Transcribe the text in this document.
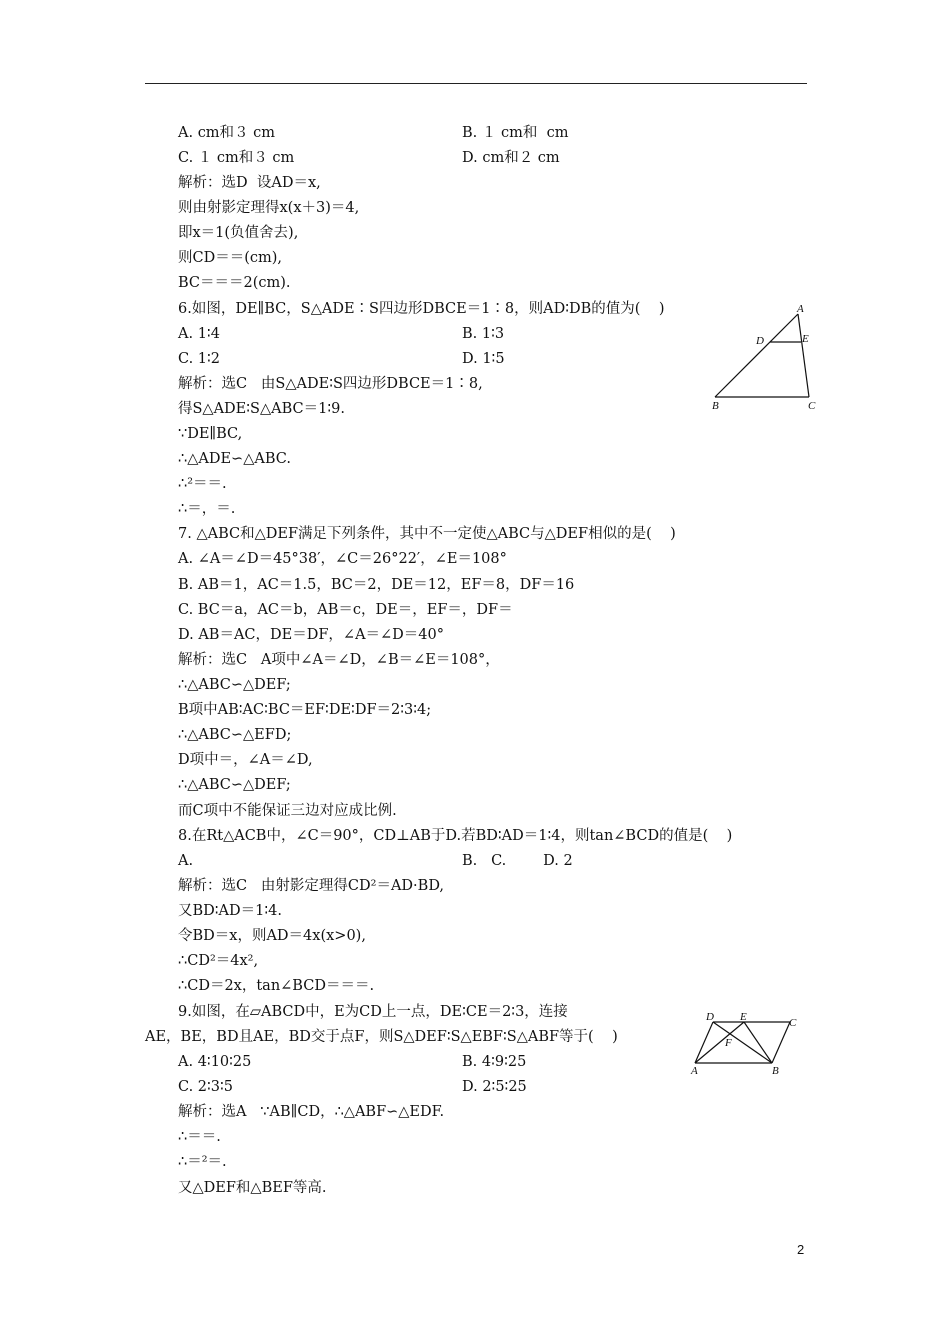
A. cm和３ cm	B. １ cm和  cm
C. １ cm和３ cm	D. cm和２ cm
解析：选D  设AD＝x,
则由射影定理得x(x＋3)＝4,
即x＝1(负值舍去),
则CD＝＝(cm),
BC＝＝＝2(cm).
6.如图，DE∥BC，S△ADE∶S四边形DBCE＝1∶8，则AD∶DB的值为(    )
A. 1∶4	B. 1∶3
C. 1∶2	D. 1∶5
解析：选C   由S△ADE∶S四边形DBCE＝1∶8,
得S△ADE∶S△ABC＝1∶9.
∵DE∥BC,
∴△ADE∽△ABC.
∴²＝＝.
∴＝，＝.
7. △ABC和△DEF满足下列条件，其中不一定使△ABC与△DEF相似的是(    )
A. ∠A＝∠D＝45°38′，∠C＝26°22′，∠E＝108°
B. AB＝1，AC＝1.5，BC＝2，DE＝12，EF＝8，DF＝16
C. BC＝a，AC＝b，AB＝c，DE＝，EF＝，DF＝
D. AB＝AC，DE＝DF，∠A＝∠D＝40°
解析：选C   A项中∠A＝∠D，∠B＝∠E＝108°，
∴△ABC∽△DEF;
B项中AB∶AC∶BC＝EF∶DE∶DF＝2∶3∶4;
∴△ABC∽△EFD;
D项中＝，∠A＝∠D,
∴△ABC∽△DEF;
而C项中不能保证三边对应成比例.
8.在Rt△ACB中，∠C＝90°，CD⊥AB于D.若BD∶AD＝1∶4，则tan∠BCD的值是(    )
A.	B.   C.        D. 2
解析：选C   由射影定理得CD²＝AD·BD,
又BD∶AD＝1∶4.
令BD＝x，则AD＝4x(x>0),
∴CD²＝4x²,
∴CD＝2x，tan∠BCD＝＝＝.
9.如图，在▱ABCD中，E为CD上一点，DE∶CE＝2∶3，连接
AE，BE，BD且AE，BD交于点F，则S△DEF∶S△EBF∶S△ABF等于(    )
A. 4∶10∶25	B. 4∶9∶25
C. 2∶3∶5	D. 2∶5∶25
解析：选A   ∵AB∥CD，∴△ABF∽△EDF.
∴＝＝.
∴＝²＝.
又△DEF和△BEF等高.
A
D	E
B	C
D E	C
F
A	B
2
